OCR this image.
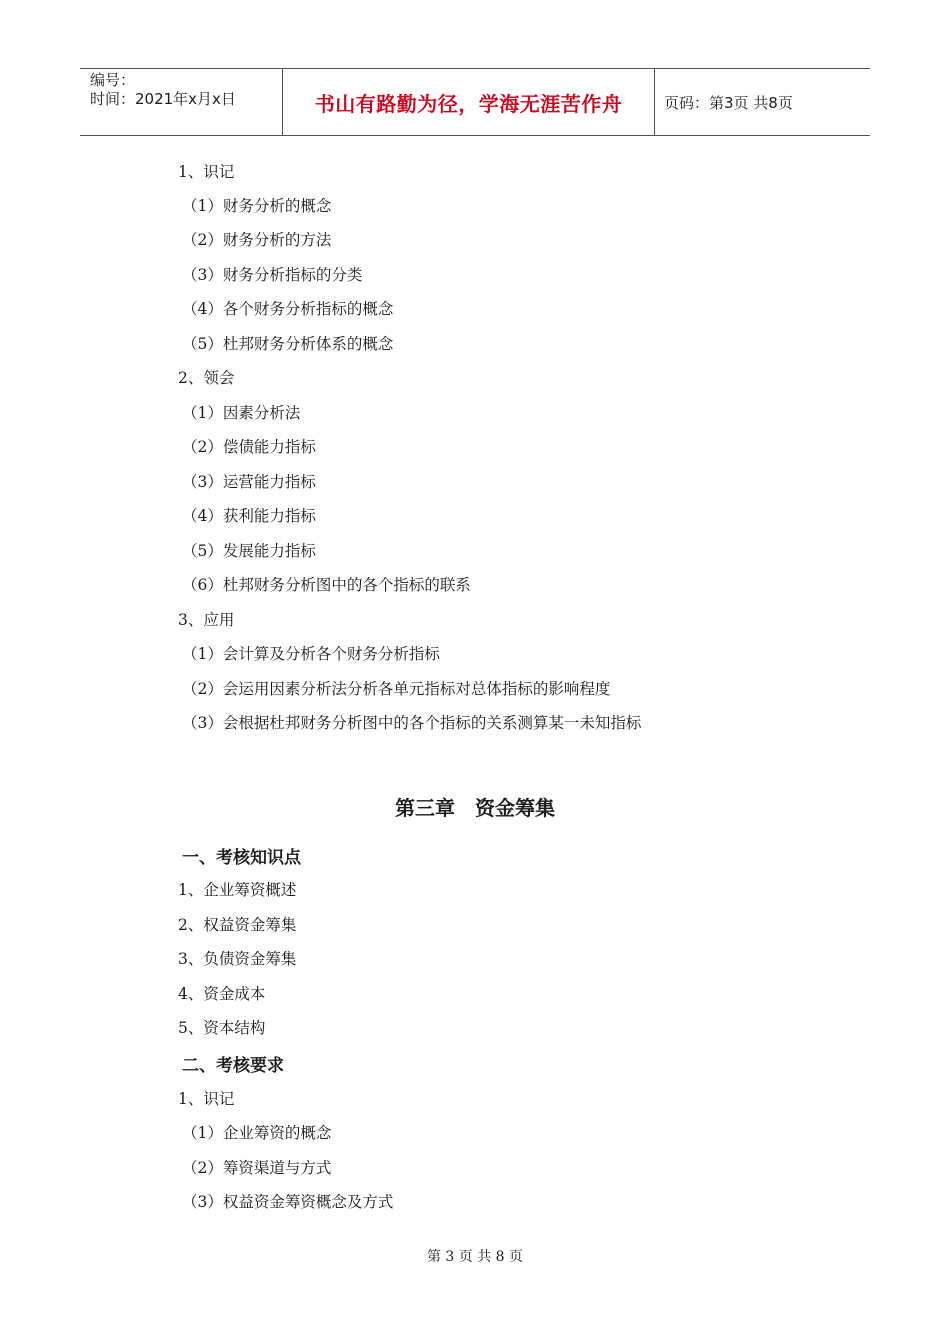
编号：
时间：2021年x月x日	书山有路勤为径，学海无涯苦作舟	页码：第3页 共8页
1、识记
（1）财务分析的概念
（2）财务分析的方法
（3）财务分析指标的分类
（4）各个财务分析指标的概念
（5）杜邦财务分析体系的概念
2、领会
（1）因素分析法
（2）偿债能力指标
（3）运营能力指标
（4）获利能力指标
（5）发展能力指标
（6）杜邦财务分析图中的各个指标的联系
3、应用
（1）会计算及分析各个财务分析指标
（2）会运用因素分析法分析各单元指标对总体指标的影响程度
（3）会根据杜邦财务分析图中的各个指标的关系测算某一未知指标
第三章　资金筹集
一、考核知识点
1、企业筹资概述
2、权益资金筹集
3、负债资金筹集
4、资金成本
5、资本结构
二、考核要求
1、识记
（1）企业筹资的概念
（2）筹资渠道与方式
（3）权益资金筹资概念及方式
第 3 页 共 8 页
